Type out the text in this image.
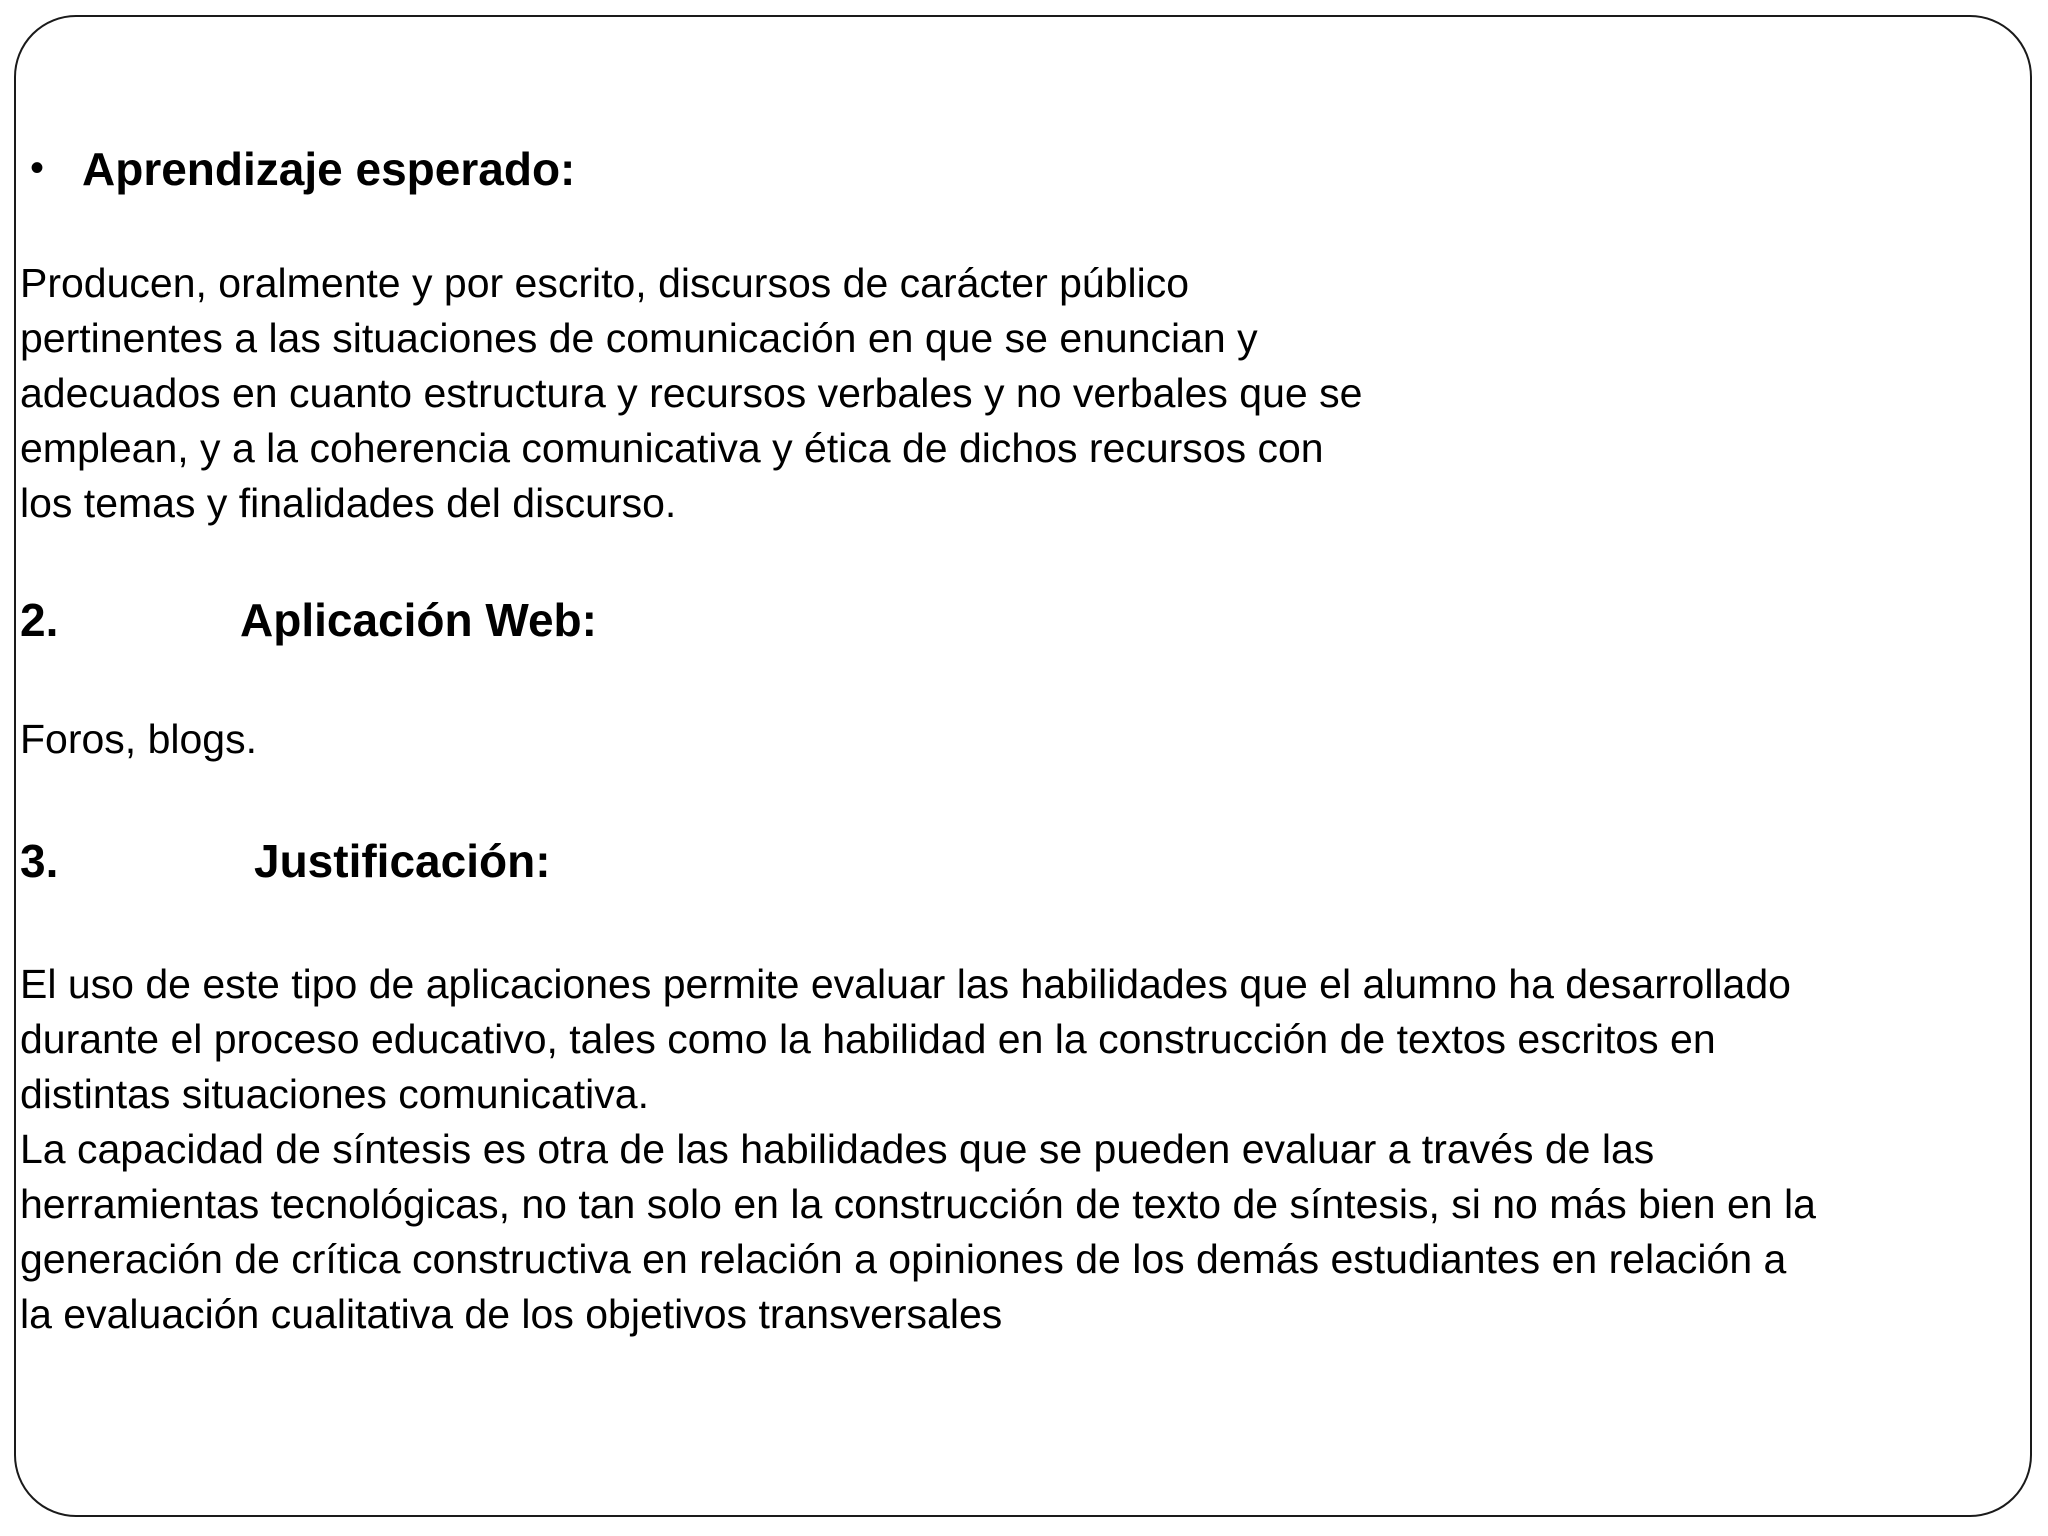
• Aprendizaje esperado:
Producen, oralmente y por escrito, discursos de carácter público
pertinentes a las situaciones de comunicación en que se enuncian y
adecuados en cuanto estructura y recursos verbales y no verbales que se
emplean, y a la coherencia comunicativa y ética de dichos recursos con
los temas y finalidades del discurso.
2.	Aplicación Web:
Foros, blogs.
3.	Justificación:
El uso de este tipo de aplicaciones permite evaluar las habilidades que el alumno ha desarrollado
durante el proceso educativo, tales como la habilidad en la construcción de textos escritos en
distintas situaciones comunicativa.
La capacidad de síntesis es otra de las habilidades que se pueden evaluar a través de las
herramientas tecnológicas, no tan solo en la construcción de texto de síntesis, si no más bien en la
generación de crítica constructiva en relación a opiniones de los demás estudiantes en relación a
la evaluación cualitativa de los objetivos transversales
